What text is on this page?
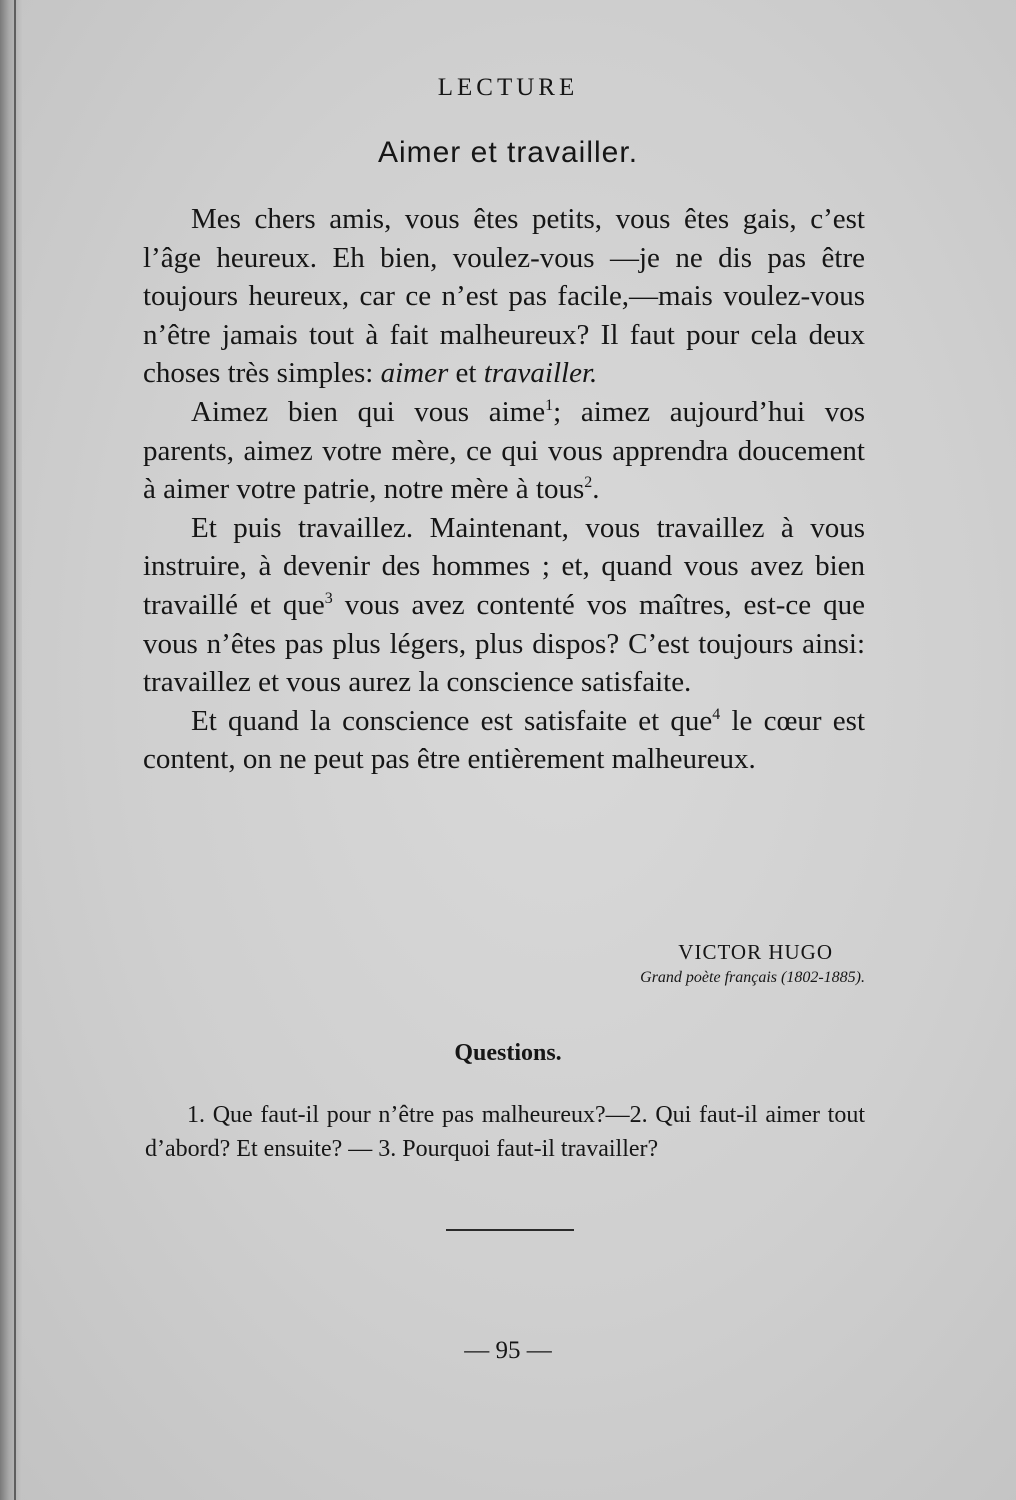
LECTURE
Aimer et travailler.

Mes chers amis, vous êtes petits, vous êtes gais, c’est l’âge heureux. Eh bien, voulez-vous —je ne dis pas être toujours heureux, car ce n’est pas facile,—mais voulez-vous n’être jamais tout à fait malheureux? Il faut pour cela deux choses très simples: aimer et travailler.

Aimez bien qui vous aime$^1$; aimez aujourd’hui vos parents, aimez votre mère, ce qui vous apprendra doucement à aimer votre patrie, notre mère à tous$^2$.

Et puis travaillez. Maintenant, vous travaillez à vous instruire, à devenir des hommes ; et, quand vous avez bien travaillé et que$^3$ vous avez contenté vos maîtres, est-ce que vous n’êtes pas plus légers, plus dispos? C’est toujours ainsi: travaillez et vous aurez la conscience satisfaite.

Et quand la conscience est satisfaite et que$^4$ le cœur est content, on ne peut pas être entièrement malheureux.

VICTOR HUGO
Grand poète français (1802-1885).
Questions.

1. Que faut-il pour n’être pas malheureux?—2. Qui faut-il aimer tout d’abord? Et ensuite? — 3. Pourquoi faut-il travailler?

— 95 —
